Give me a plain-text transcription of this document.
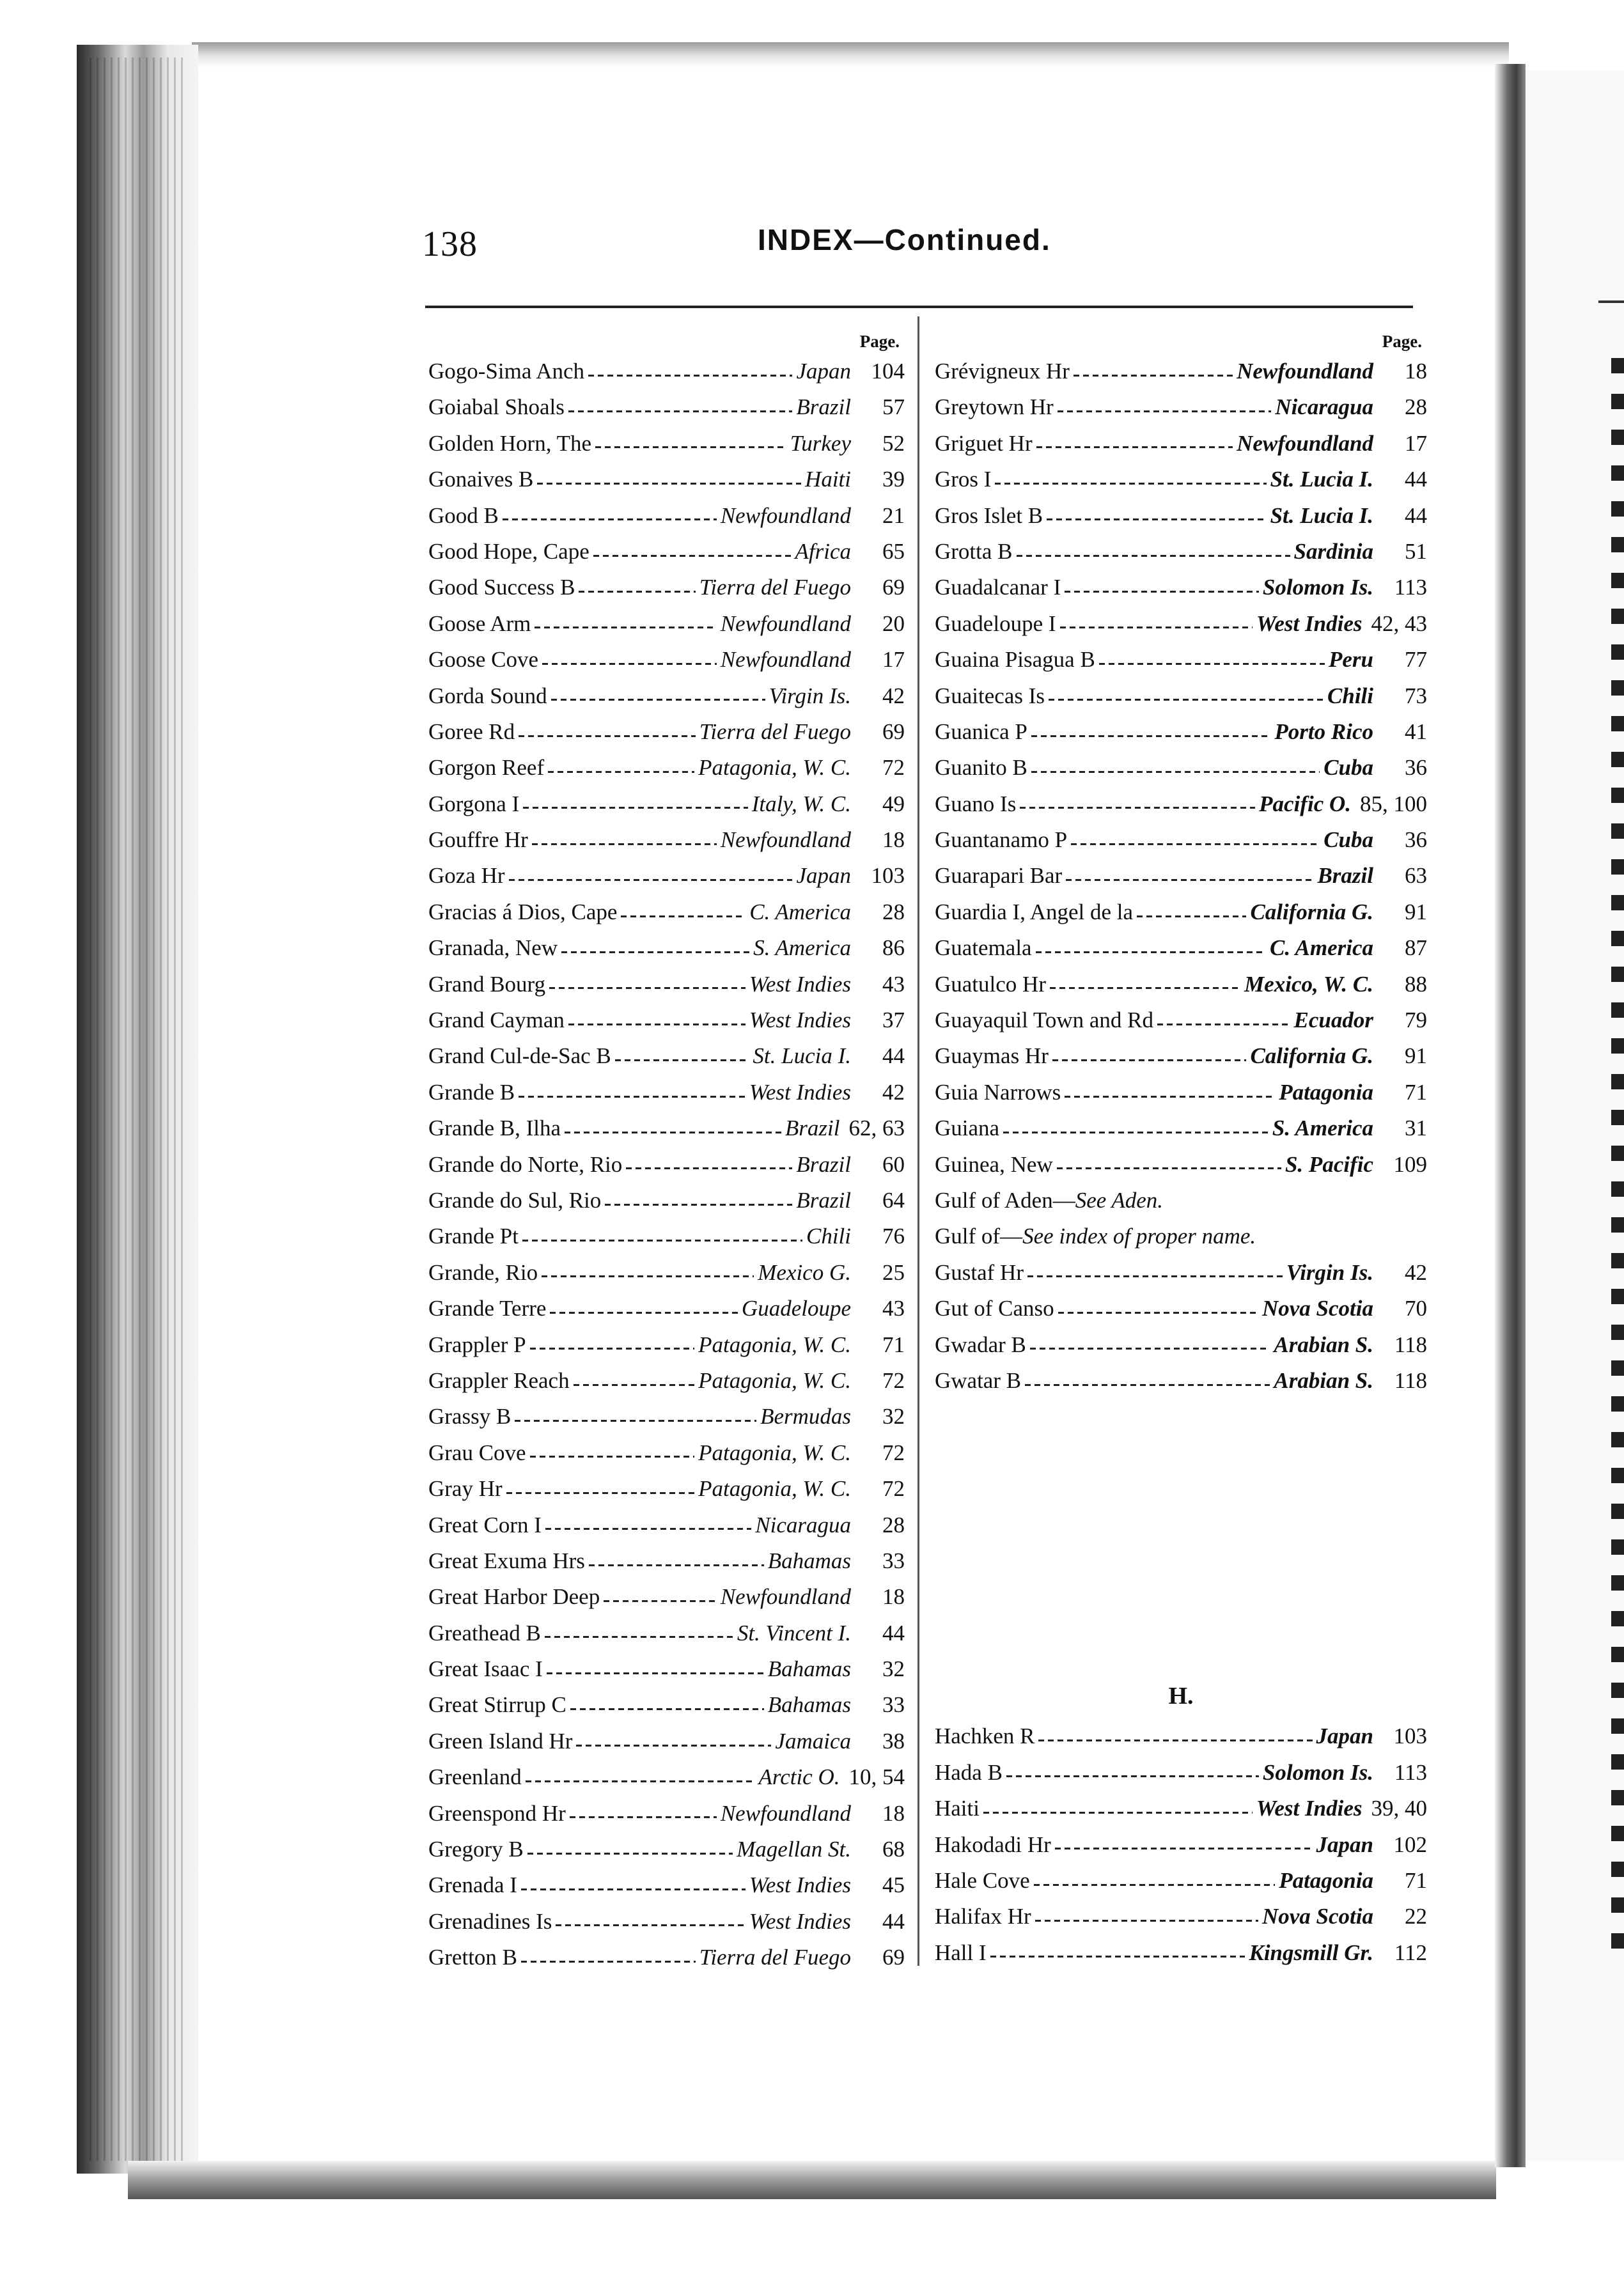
138	INDEX—Continued.
Page.
Gogo-Sima Anch	Japan 104
Goiabal Shoals	Brazil	57
Golden Horn, The	Turkey	52
Gonaives B	Haiti	39
Good B	Newfoundland	21
Good Hope, Cape	Africa	65
Good Success B	Tierra del Fuego	69
Goose Arm	Newfoundland	20
Goose Cove	Newfoundland	17
Gorda Sound	Virgin Is.	42
Goree Rd	Tierra del Fuego	69
Gorgon Reef	Patagonia, W. C.	72
Gorgona I	Italy, W. C.	49
Gouffre Hr	Newfoundland	18
Goza Hr	Japan 103
Gracias á Dios, Cape	C. America	28
Granada, New	S. America	86
Grand Bourg	West Indies	43
Grand Cayman	West Indies	37
Grand Cul-de-Sac B	St. Lucia I.	44
Grande B	West Indies	42
Grande B, Ilha	Brazil 62, 63
Grande do Norte, Rio	Brazil	60
Grande do Sul, Rio	Brazil	64
Grande Pt	Chili	76
Grande, Rio	Mexico G.	25
Grande Terre	Guadeloupe	43
Grappler P	Patagonia, W. C.	71
Grappler Reach	Patagonia, W. C.	72
Grassy B	Bermudas	32
Grau Cove	Patagonia, W. C.	72
Gray Hr	Patagonia, W. C.	72
Great Corn I	Nicaragua	28
Great Exuma Hrs	Bahamas	33
Great Harbor Deep	Newfoundland	18
Greathead B	St. Vincent I.	44
Great Isaac I	Bahamas	32
Great Stirrup C	Bahamas	33
Green Island Hr	Jamaica	38
Greenland	Arctic O. 10, 54
Greenspond Hr	Newfoundland	18
Gregory B	Magellan St.	68
Grenada I	West Indies	45
Grenadines Is	West Indies	44
Gretton B	Tierra del Fuego	69
Page.
Grévigneux Hr	Newfoundland	18
Greytown Hr	Nicaragua	28
Griguet Hr	Newfoundland	17
Gros I	St. Lucia I.	44
Gros Islet B	St. Lucia I.	44
Grotta B	Sardinia	51
Guadalcanar I	Solomon Is. 113
Guadeloupe I	West Indies 42, 43
Guaina Pisagua B	Peru	77
Guaitecas Is	Chili	73
Guanica P	Porto Rico	41
Guanito B	Cuba	36
Guano Is	Pacific O. 85, 100
Guantanamo P	Cuba	36
Guarapari Bar	Brazil	63
Guardia I, Angel de la	California G.	91
Guatemala	C. America	87
Guatulco Hr	Mexico, W. C.	88
Guayaquil Town and Rd	Ecuador	79
Guaymas Hr	California G.	91
Guia Narrows	Patagonia	71
Guiana	S. America	31
Guinea, New	S. Pacific 109
Gulf of Aden— See Aden.
Gulf of— See index of proper name.
Gustaf Hr	Virgin Is.	42
Gut of Canso	Nova Scotia	70
Gwadar B	Arabian S. 118
Gwatar B	Arabian S. 118
H.
Hachken R	Japan 103
Hada B	Solomon Is. 113
Haiti	West Indies 39, 40
Hakodadi Hr	Japan 102
Hale Cove	Patagonia	71
Halifax Hr	Nova Scotia	22
Hall I	Kingsmill Gr. 112
